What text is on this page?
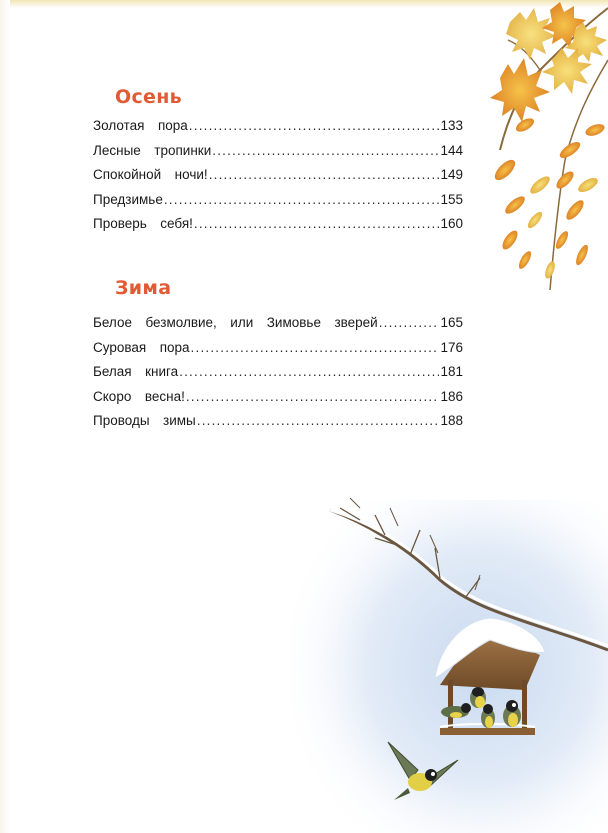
Осень
Золотая  пора .....	133
Лесные  тропинки .....	144
Спокойной  ночи! .....	149
Предзимье .....	155
Проверь  себя! .....	160
Зима
Белое  безмолвие,  или  Зимовье  зверей .....	165
Суровая  пора .....	176
Белая  книга .....	181
Скоро  весна! .....	186
Проводы  зимы .....	188
